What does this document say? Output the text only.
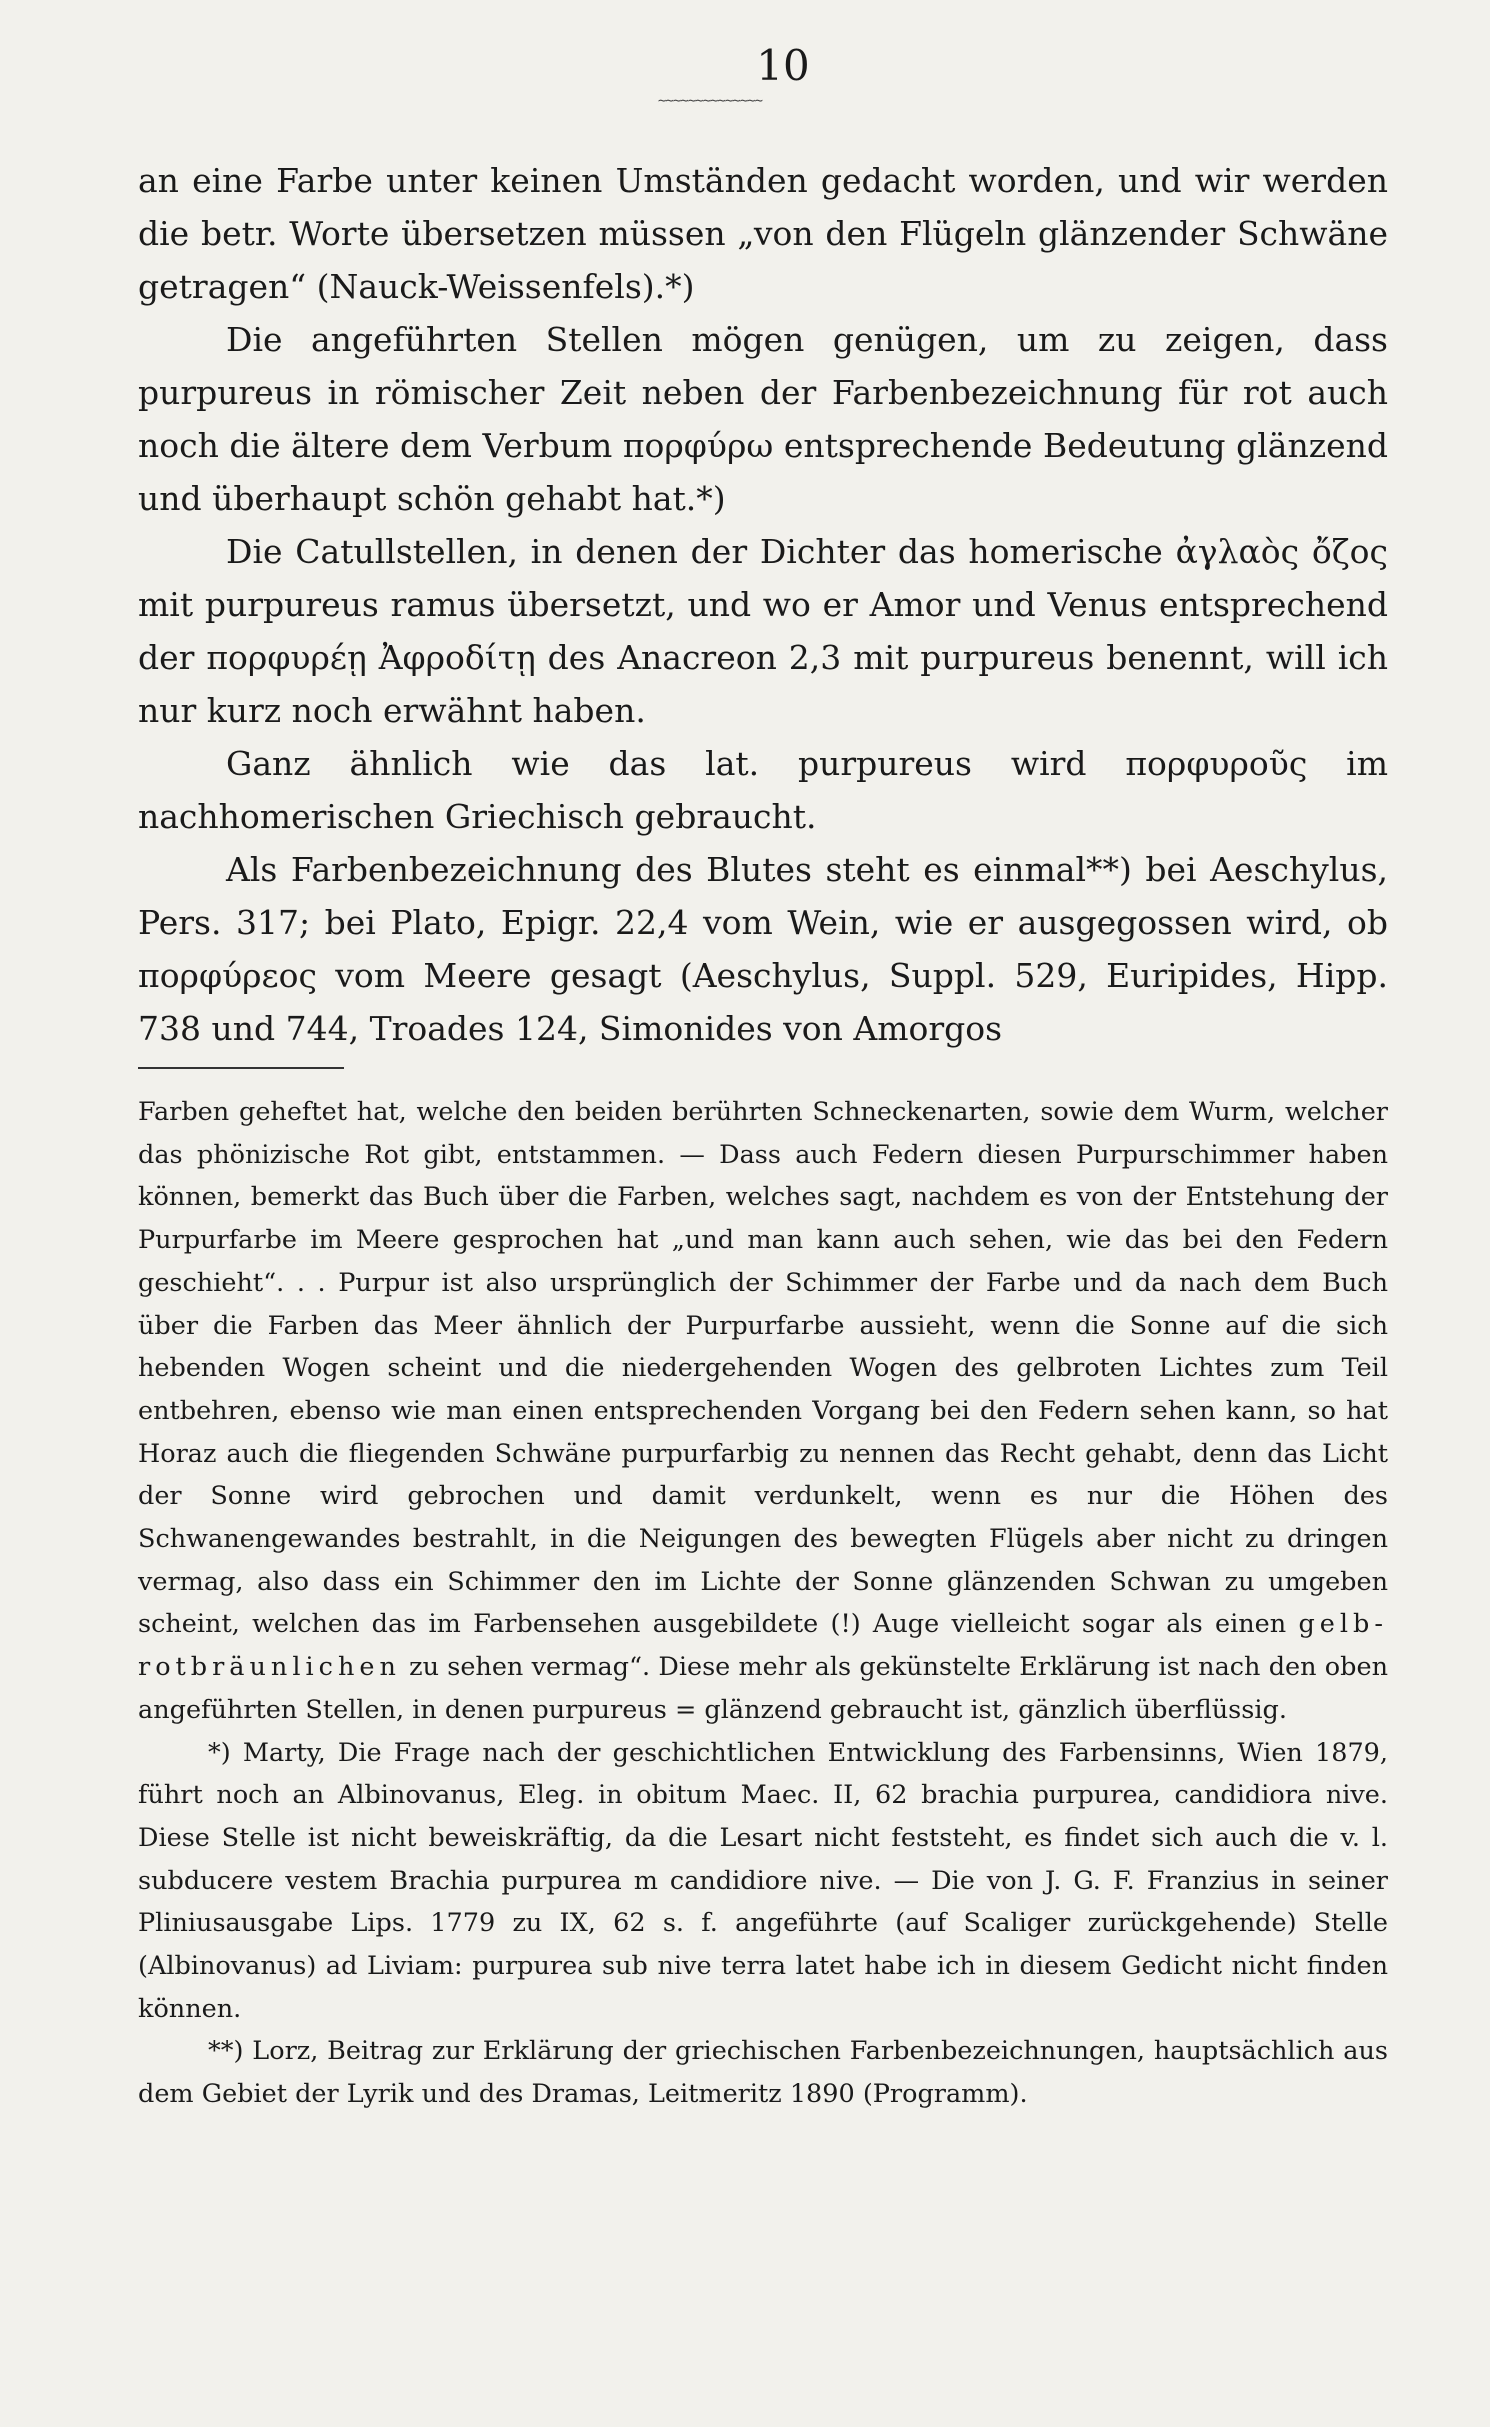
10
∼∼∼∼∼∼∼∼∼∼∼∼∼∼

an eine Farbe unter keinen Umständen gedacht worden, und wir werden die betr. Worte übersetzen müssen „von den Flügeln glänzender Schwäne getragen“ (Nauck-Weissenfels).*)

Die angeführten Stellen mögen genügen, um zu zeigen, dass purpureus in römischer Zeit neben der Farbenbezeichnung für rot auch noch die ältere dem Verbum πορφύρω entsprechende Bedeutung glänzend und überhaupt schön gehabt hat.*)

Die Catullstellen, in denen der Dichter das homerische ἀγλαὸς ὄζος mit purpureus ramus übersetzt, und wo er Amor und Venus entsprechend der πορφυρέῃ Ἀφροδίτῃ des Anacreon 2,3 mit purpureus benennt, will ich nur kurz noch erwähnt haben.

Ganz ähnlich wie das lat. purpureus wird πορφυροῦς im nachhomerischen Griechisch gebraucht.

Als Farbenbezeichnung des Blutes steht es einmal**) bei Aeschylus, Pers. 317; bei Plato, Epigr. 22,4 vom Wein, wie er ausgegossen wird, ob πορφύρεος vom Meere gesagt (Aeschylus, Suppl. 529, Euripides, Hipp. 738 und 744, Troades 124, Simonides von Amorgos

Farben geheftet hat, welche den beiden berührten Schneckenarten, sowie dem Wurm, welcher das phönizische Rot gibt, entstammen. — Dass auch Federn diesen Purpurschimmer haben können, bemerkt das Buch über die Farben, welches sagt, nachdem es von der Entstehung der Purpurfarbe im Meere gesprochen hat „und man kann auch sehen, wie das bei den Federn geschieht“. . . Purpur ist also ursprünglich der Schimmer der Farbe und da nach dem Buch über die Farben das Meer ähnlich der Purpurfarbe aussieht, wenn die Sonne auf die sich hebenden Wogen scheint und die niedergehenden Wogen des gelbroten Lichtes zum Teil entbehren, ebenso wie man einen entsprechenden Vorgang bei den Federn sehen kann, so hat Horaz auch die fliegenden Schwäne purpurfarbig zu nennen das Recht gehabt, denn das Licht der Sonne wird gebrochen und damit verdunkelt, wenn es nur die Höhen des Schwanengewandes bestrahlt, in die Neigungen des bewegten Flügels aber nicht zu dringen vermag, also dass ein Schimmer den im Lichte der Sonne glänzenden Schwan zu umgeben scheint, welchen das im Farbensehen ausgebildete (!) Auge vielleicht sogar als einen gelb-rotbräunlichen zu sehen vermag“. Diese mehr als gekünstelte Erklärung ist nach den oben angeführten Stellen, in denen purpureus = glänzend gebraucht ist, gänzlich überflüssig.

*) Marty, Die Frage nach der geschichtlichen Entwicklung des Farbensinns, Wien 1879, führt noch an Albinovanus, Eleg. in obitum Maec. II, 62 brachia purpurea, candidiora nive. Diese Stelle ist nicht beweiskräftig, da die Lesart nicht feststeht, es findet sich auch die v. l. subducere vestem Brachia purpurea m candidiore nive. — Die von J. G. F. Franzius in seiner Pliniusausgabe Lips. 1779 zu IX, 62 s. f. angeführte (auf Scaliger zurückgehende) Stelle (Albinovanus) ad Liviam: purpurea sub nive terra latet habe ich in diesem Gedicht nicht finden können.

**) Lorz, Beitrag zur Erklärung der griechischen Farbenbezeichnungen, hauptsächlich aus dem Gebiet der Lyrik und des Dramas, Leitmeritz 1890 (Programm).
